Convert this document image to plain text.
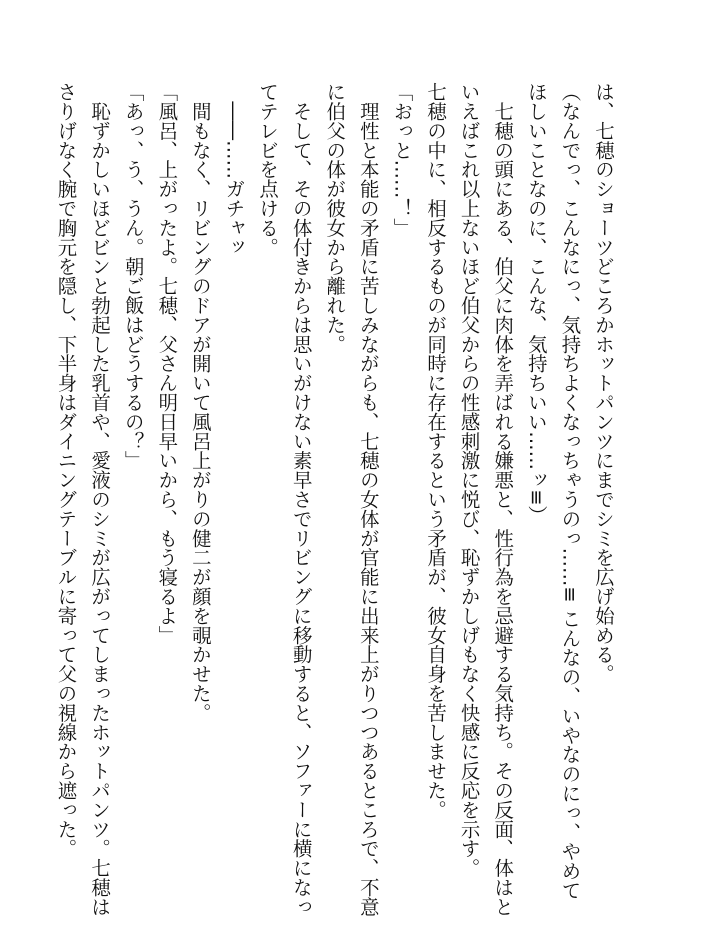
は、七穂のショーツどころかホットパンツにまでシミを広げ始める。
（なんでっ、こんなにっ、気持ちよくなっちゃうのっ……≡ こんなの、いやなのにっ、やめて
ほしいことなのに、こんな、気持ちいい……ッ≡）
　七穂の頭にある、伯父に肉体を弄ばれる嫌悪と、性行為を忌避する気持ち。その反面、体はと
いえばこれ以上ないほど伯父からの性感刺激に悦び、恥ずかしげもなく快感に反応を示す。
七穂の中に、相反するものが同時に存在するという矛盾が、彼女自身を苦しませた。
「おっと……！」
　理性と本能の矛盾に苦しみながらも、七穂の女体が官能に出来上がりつつあるところで、不意
に伯父の体が彼女から離れた。
　そして、その体付きからは思いがけない素早さでリビングに移動すると、ソファーに横になっ
てテレビを点ける。
　――……ガチャッ
　間もなく、リビングのドアが開いて風呂上がりの健二が顔を覗かせた。
「風呂、上がったよ。七穂、父さん明日早いから、もう寝るよ」
「あっ、う、うん。朝ご飯はどうするの？」
　恥ずかしいほどビンと勃起した乳首や、愛液のシミが広がってしまったホットパンツ。七穂は
さりげなく腕で胸元を隠し、下半身はダイニングテーブルに寄って父の視線から遮った。
